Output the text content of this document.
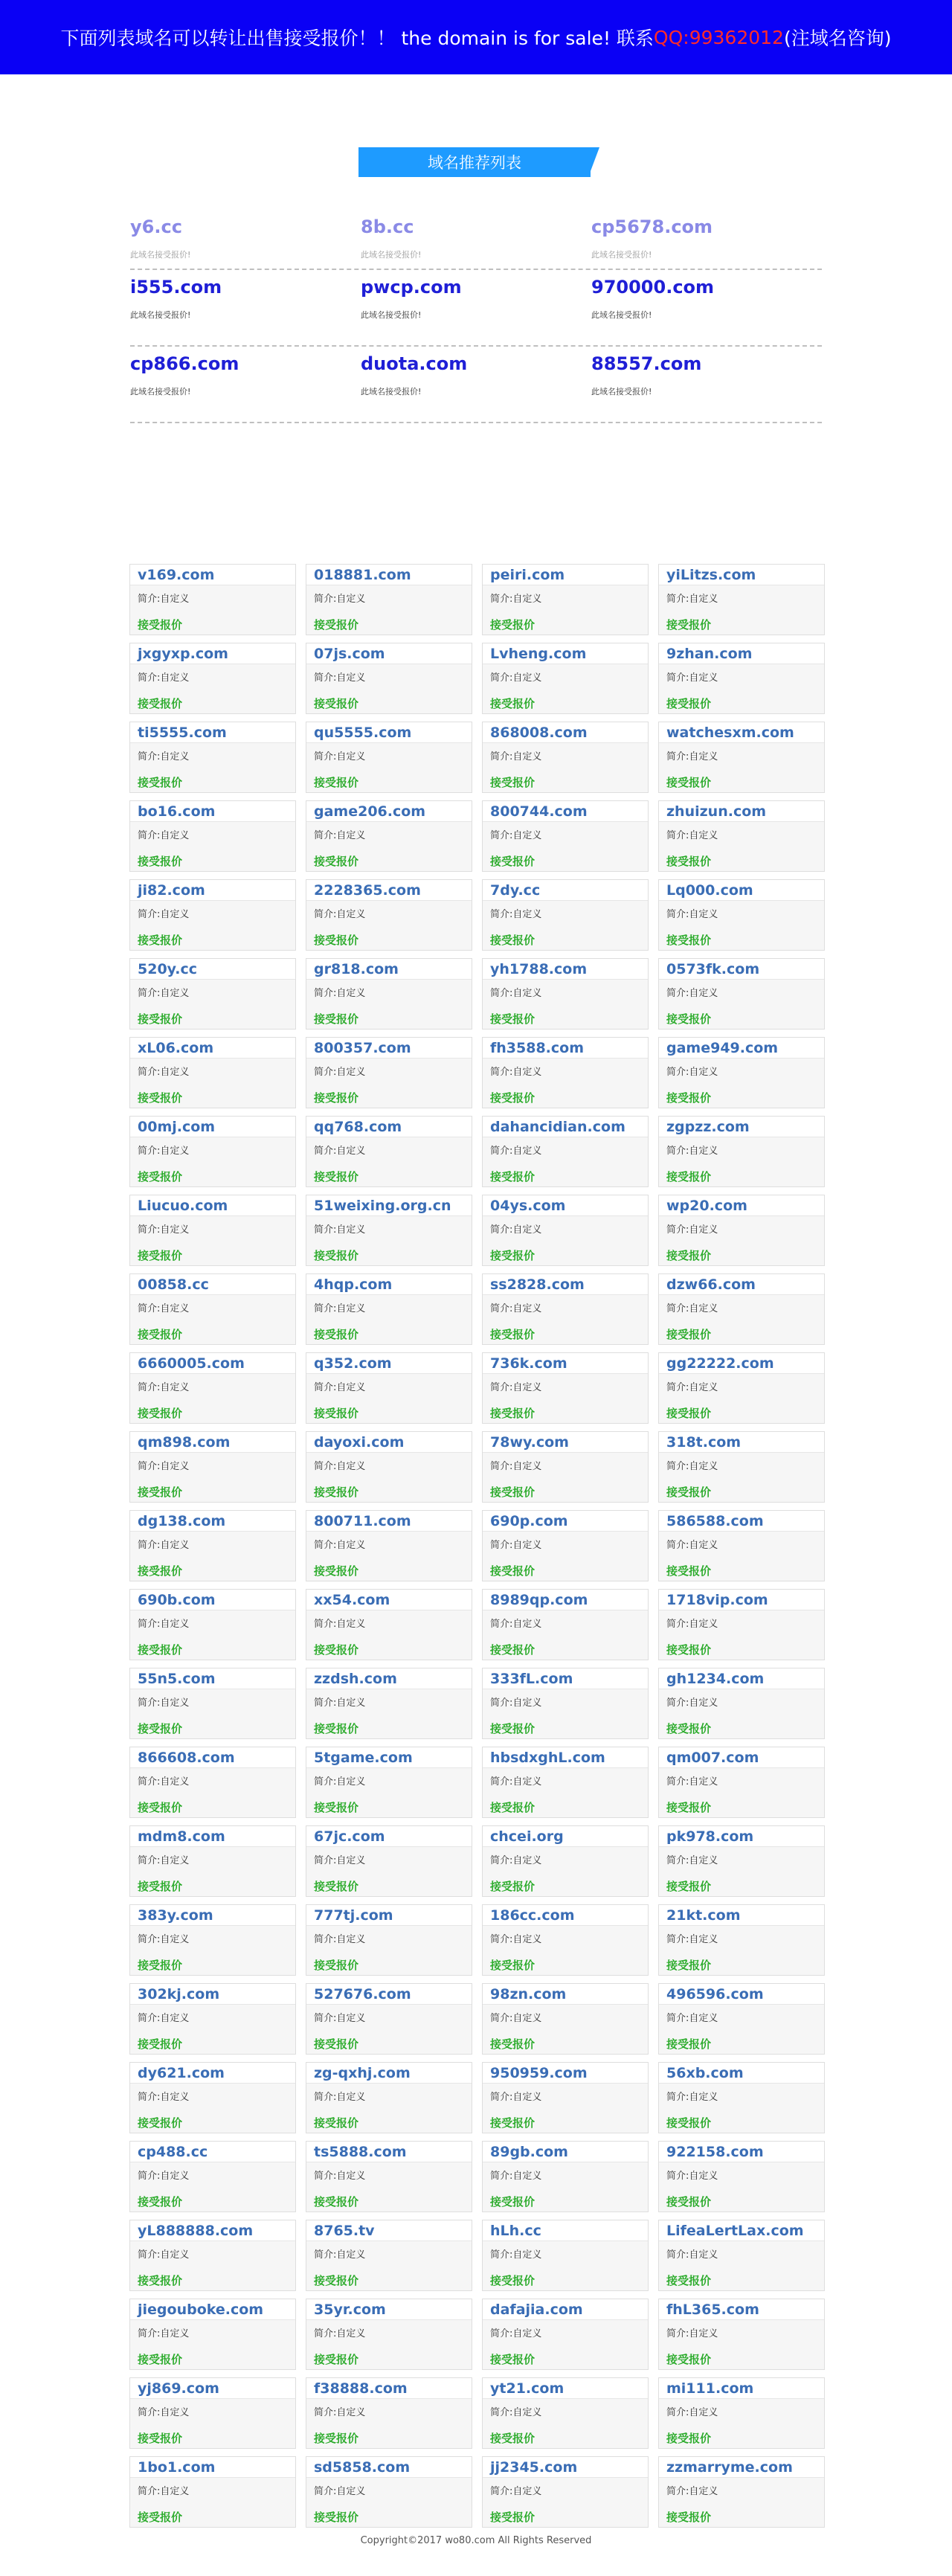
下面列表域名可以转让出售接受报价！！ the domain is for sale! 联系 QQ:99362012 (注域名咨询)
域名推荐列表
y6.cc
此域名接受报价!
8b.cc
此域名接受报价!
cp5678.com
此域名接受报价!
i555.com
此域名接受报价!
pwcp.com
此域名接受报价!
970000.com
此域名接受报价!
cp866.com
此域名接受报价!
duota.com
此域名接受报价!
88557.com
此域名接受报价!
v169.com
简介:自定义
接受报价
018881.com
简介:自定义
接受报价
peiri.com
简介:自定义
接受报价
yiLitzs.com
简介:自定义
接受报价
jxgyxp.com
简介:自定义
接受报价
07js.com
简介:自定义
接受报价
Lvheng.com
简介:自定义
接受报价
9zhan.com
简介:自定义
接受报价
ti5555.com
简介:自定义
接受报价
qu5555.com
简介:自定义
接受报价
868008.com
简介:自定义
接受报价
watchesxm.com
简介:自定义
接受报价
bo16.com
简介:自定义
接受报价
game206.com
简介:自定义
接受报价
800744.com
简介:自定义
接受报价
zhuizun.com
简介:自定义
接受报价
ji82.com
简介:自定义
接受报价
2228365.com
简介:自定义
接受报价
7dy.cc
简介:自定义
接受报价
Lq000.com
简介:自定义
接受报价
520y.cc
简介:自定义
接受报价
gr818.com
简介:自定义
接受报价
yh1788.com
简介:自定义
接受报价
0573fk.com
简介:自定义
接受报价
xL06.com
简介:自定义
接受报价
800357.com
简介:自定义
接受报价
fh3588.com
简介:自定义
接受报价
game949.com
简介:自定义
接受报价
00mj.com
简介:自定义
接受报价
qq768.com
简介:自定义
接受报价
dahancidian.com
简介:自定义
接受报价
zgpzz.com
简介:自定义
接受报价
Liucuo.com
简介:自定义
接受报价
51weixing.org.cn
简介:自定义
接受报价
04ys.com
简介:自定义
接受报价
wp20.com
简介:自定义
接受报价
00858.cc
简介:自定义
接受报价
4hqp.com
简介:自定义
接受报价
ss2828.com
简介:自定义
接受报价
dzw66.com
简介:自定义
接受报价
6660005.com
简介:自定义
接受报价
q352.com
简介:自定义
接受报价
736k.com
简介:自定义
接受报价
gg22222.com
简介:自定义
接受报价
qm898.com
简介:自定义
接受报价
dayoxi.com
简介:自定义
接受报价
78wy.com
简介:自定义
接受报价
318t.com
简介:自定义
接受报价
dg138.com
简介:自定义
接受报价
800711.com
简介:自定义
接受报价
690p.com
简介:自定义
接受报价
586588.com
简介:自定义
接受报价
690b.com
简介:自定义
接受报价
xx54.com
简介:自定义
接受报价
8989qp.com
简介:自定义
接受报价
1718vip.com
简介:自定义
接受报价
55n5.com
简介:自定义
接受报价
zzdsh.com
简介:自定义
接受报价
333fL.com
简介:自定义
接受报价
gh1234.com
简介:自定义
接受报价
866608.com
简介:自定义
接受报价
5tgame.com
简介:自定义
接受报价
hbsdxghL.com
简介:自定义
接受报价
qm007.com
简介:自定义
接受报价
mdm8.com
简介:自定义
接受报价
67jc.com
简介:自定义
接受报价
chcei.org
简介:自定义
接受报价
pk978.com
简介:自定义
接受报价
383y.com
简介:自定义
接受报价
777tj.com
简介:自定义
接受报价
186cc.com
简介:自定义
接受报价
21kt.com
简介:自定义
接受报价
302kj.com
简介:自定义
接受报价
527676.com
简介:自定义
接受报价
98zn.com
简介:自定义
接受报价
496596.com
简介:自定义
接受报价
dy621.com
简介:自定义
接受报价
zg-qxhj.com
简介:自定义
接受报价
950959.com
简介:自定义
接受报价
56xb.com
简介:自定义
接受报价
cp488.cc
简介:自定义
接受报价
ts5888.com
简介:自定义
接受报价
89gb.com
简介:自定义
接受报价
922158.com
简介:自定义
接受报价
yL888888.com
简介:自定义
接受报价
8765.tv
简介:自定义
接受报价
hLh.cc
简介:自定义
接受报价
LifeaLertLax.com
简介:自定义
接受报价
jiegouboke.com
简介:自定义
接受报价
35yr.com
简介:自定义
接受报价
dafajia.com
简介:自定义
接受报价
fhL365.com
简介:自定义
接受报价
yj869.com
简介:自定义
接受报价
f38888.com
简介:自定义
接受报价
yt21.com
简介:自定义
接受报价
mi111.com
简介:自定义
接受报价
1bo1.com
简介:自定义
接受报价
sd5858.com
简介:自定义
接受报价
jj2345.com
简介:自定义
接受报价
zzmarryme.com
简介:自定义
接受报价
Copyright©2017 wo80.com All Rights Reserved
